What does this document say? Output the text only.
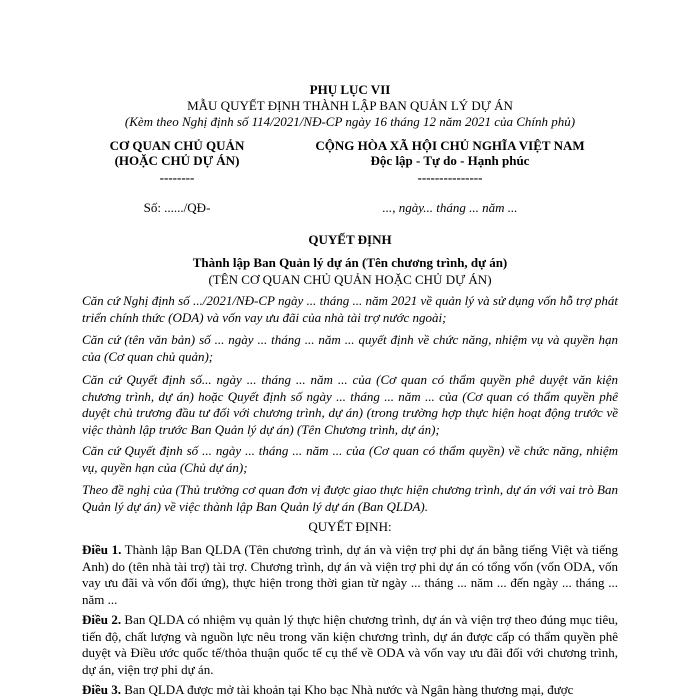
PHỤ LỤC VII
MẪU QUYẾT ĐỊNH THÀNH LẬP BAN QUẢN LÝ DỰ ÁN
(Kèm theo Nghị định số 114/2021/NĐ-CP ngày 16 tháng 12 năm 2021 của Chính phủ)
CƠ QUAN CHỦ QUẢN
(HOẶC CHỦ DỰ ÁN)
--------
CỘNG HÒA XÃ HỘI CHỦ NGHĨA VIỆT NAM
Độc lập - Tự do - Hạnh phúc
---------------
Số: ....../QĐ-	..., ngày... tháng ... năm ...
QUYẾT ĐỊNH
Thành lập Ban Quản lý dự án (Tên chương trình, dự án)
(TÊN CƠ QUAN CHỦ QUẢN HOẶC CHỦ DỰ ÁN)
Căn cứ Nghị định số .../2021/NĐ-CP ngày ... tháng ... năm 2021 về quản lý và sử dụng vốn hỗ trợ phát triển chính thức (ODA) và vốn vay ưu đãi của nhà tài trợ nước ngoài;
Căn cứ (tên văn bản) số ... ngày ... tháng ... năm ... quyết định về chức năng, nhiệm vụ và quyền hạn của (Cơ quan chủ quản);
Căn cứ Quyết định số... ngày ... tháng ... năm ... của (Cơ quan có thẩm quyền phê duyệt văn kiện chương trình, dự án) hoặc Quyết định số ngày ... tháng ... năm ... của (Cơ quan có thẩm quyền phê duyệt chủ trương đầu tư đối với chương trình, dự án) (trong trường hợp thực hiện hoạt động trước về việc thành lập trước Ban Quản lý dự án) (Tên Chương trình, dự án);
Căn cứ Quyết định số ... ngày ... tháng ... năm ... của (Cơ quan có thẩm quyền) về chức năng, nhiệm vụ, quyền hạn của (Chủ dự án);
Theo đề nghị của (Thủ trưởng cơ quan đơn vị được giao thực hiện chương trình, dự án với vai trò Ban Quản lý dự án) về việc thành lập Ban Quản lý dự án (Ban QLDA).
QUYẾT ĐỊNH:
Điều 1. Thành lập Ban QLDA (Tên chương trình, dự án và viện trợ phi dự án bằng tiếng Việt và tiếng Anh) do (tên nhà tài trợ) tài trợ. Chương trình, dự án và viện trợ phi dự án có tổng vốn (vốn ODA, vốn vay ưu đãi và vốn đối ứng), thực hiện trong thời gian từ ngày ... tháng ... năm ... đến ngày ... tháng ... năm ...
Điều 2. Ban QLDA có nhiệm vụ quản lý thực hiện chương trình, dự án và viện trợ theo đúng mục tiêu, tiến độ, chất lượng và nguồn lực nêu trong văn kiện chương trình, dự án được cấp có thẩm quyền phê duyệt và Điều ước quốc tế/thỏa thuận quốc tế cụ thể về ODA và vốn vay ưu đãi đối với chương trình, dự án, viện trợ phi dự án.
Điều 3. Ban QLDA được mở tài khoản tại Kho bạc Nhà nước và Ngân hàng thương mại, được
